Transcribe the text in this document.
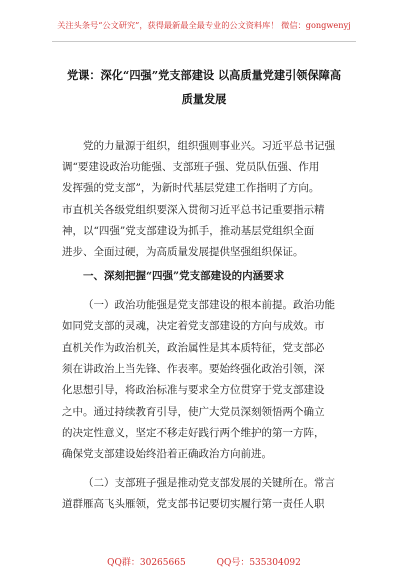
关注头条号“公文研究”，获得最新最全最专业的公文资料库！ 微信：gongwenyj
党课：深化“四强”党支部建设 以高质量党建引领保障高
质量发展
党的力量源于组织，组织强则事业兴。习近平总书记强
调“要建设政治功能强、支部班子强、党员队伍强、作用
发挥强的党支部”，为新时代基层党建工作指明了方向。
市直机关各级党组织要深入贯彻习近平总书记重要指示精
神，以“四强”党支部建设为抓手，推动基层党组织全面
进步、全面过硬，为高质量发展提供坚强组织保证。
一、深刻把握“四强”党支部建设的内涵要求
（一）政治功能强是党支部建设的根本前提。政治功能
如同党支部的灵魂，决定着党支部建设的方向与成效。市
直机关作为政治机关，政治属性是其本质特征，党支部必
须在讲政治上当先锋、作表率。要始终强化政治引领，深
化思想引导，将政治标准与要求全方位贯穿于党支部建设
之中。通过持续教育引导，使广大党员深刻领悟两个确立
的决定性意义，坚定不移走好践行两个维护的第一方阵，
确保党支部建设始终沿着正确政治方向前进。
（二）支部班子强是推动党支部发展的关键所在。常言
道群雁高飞头雁领，党支部书记要切实履行第一责任人职
QQ群：30265665	QQ号：535304092
